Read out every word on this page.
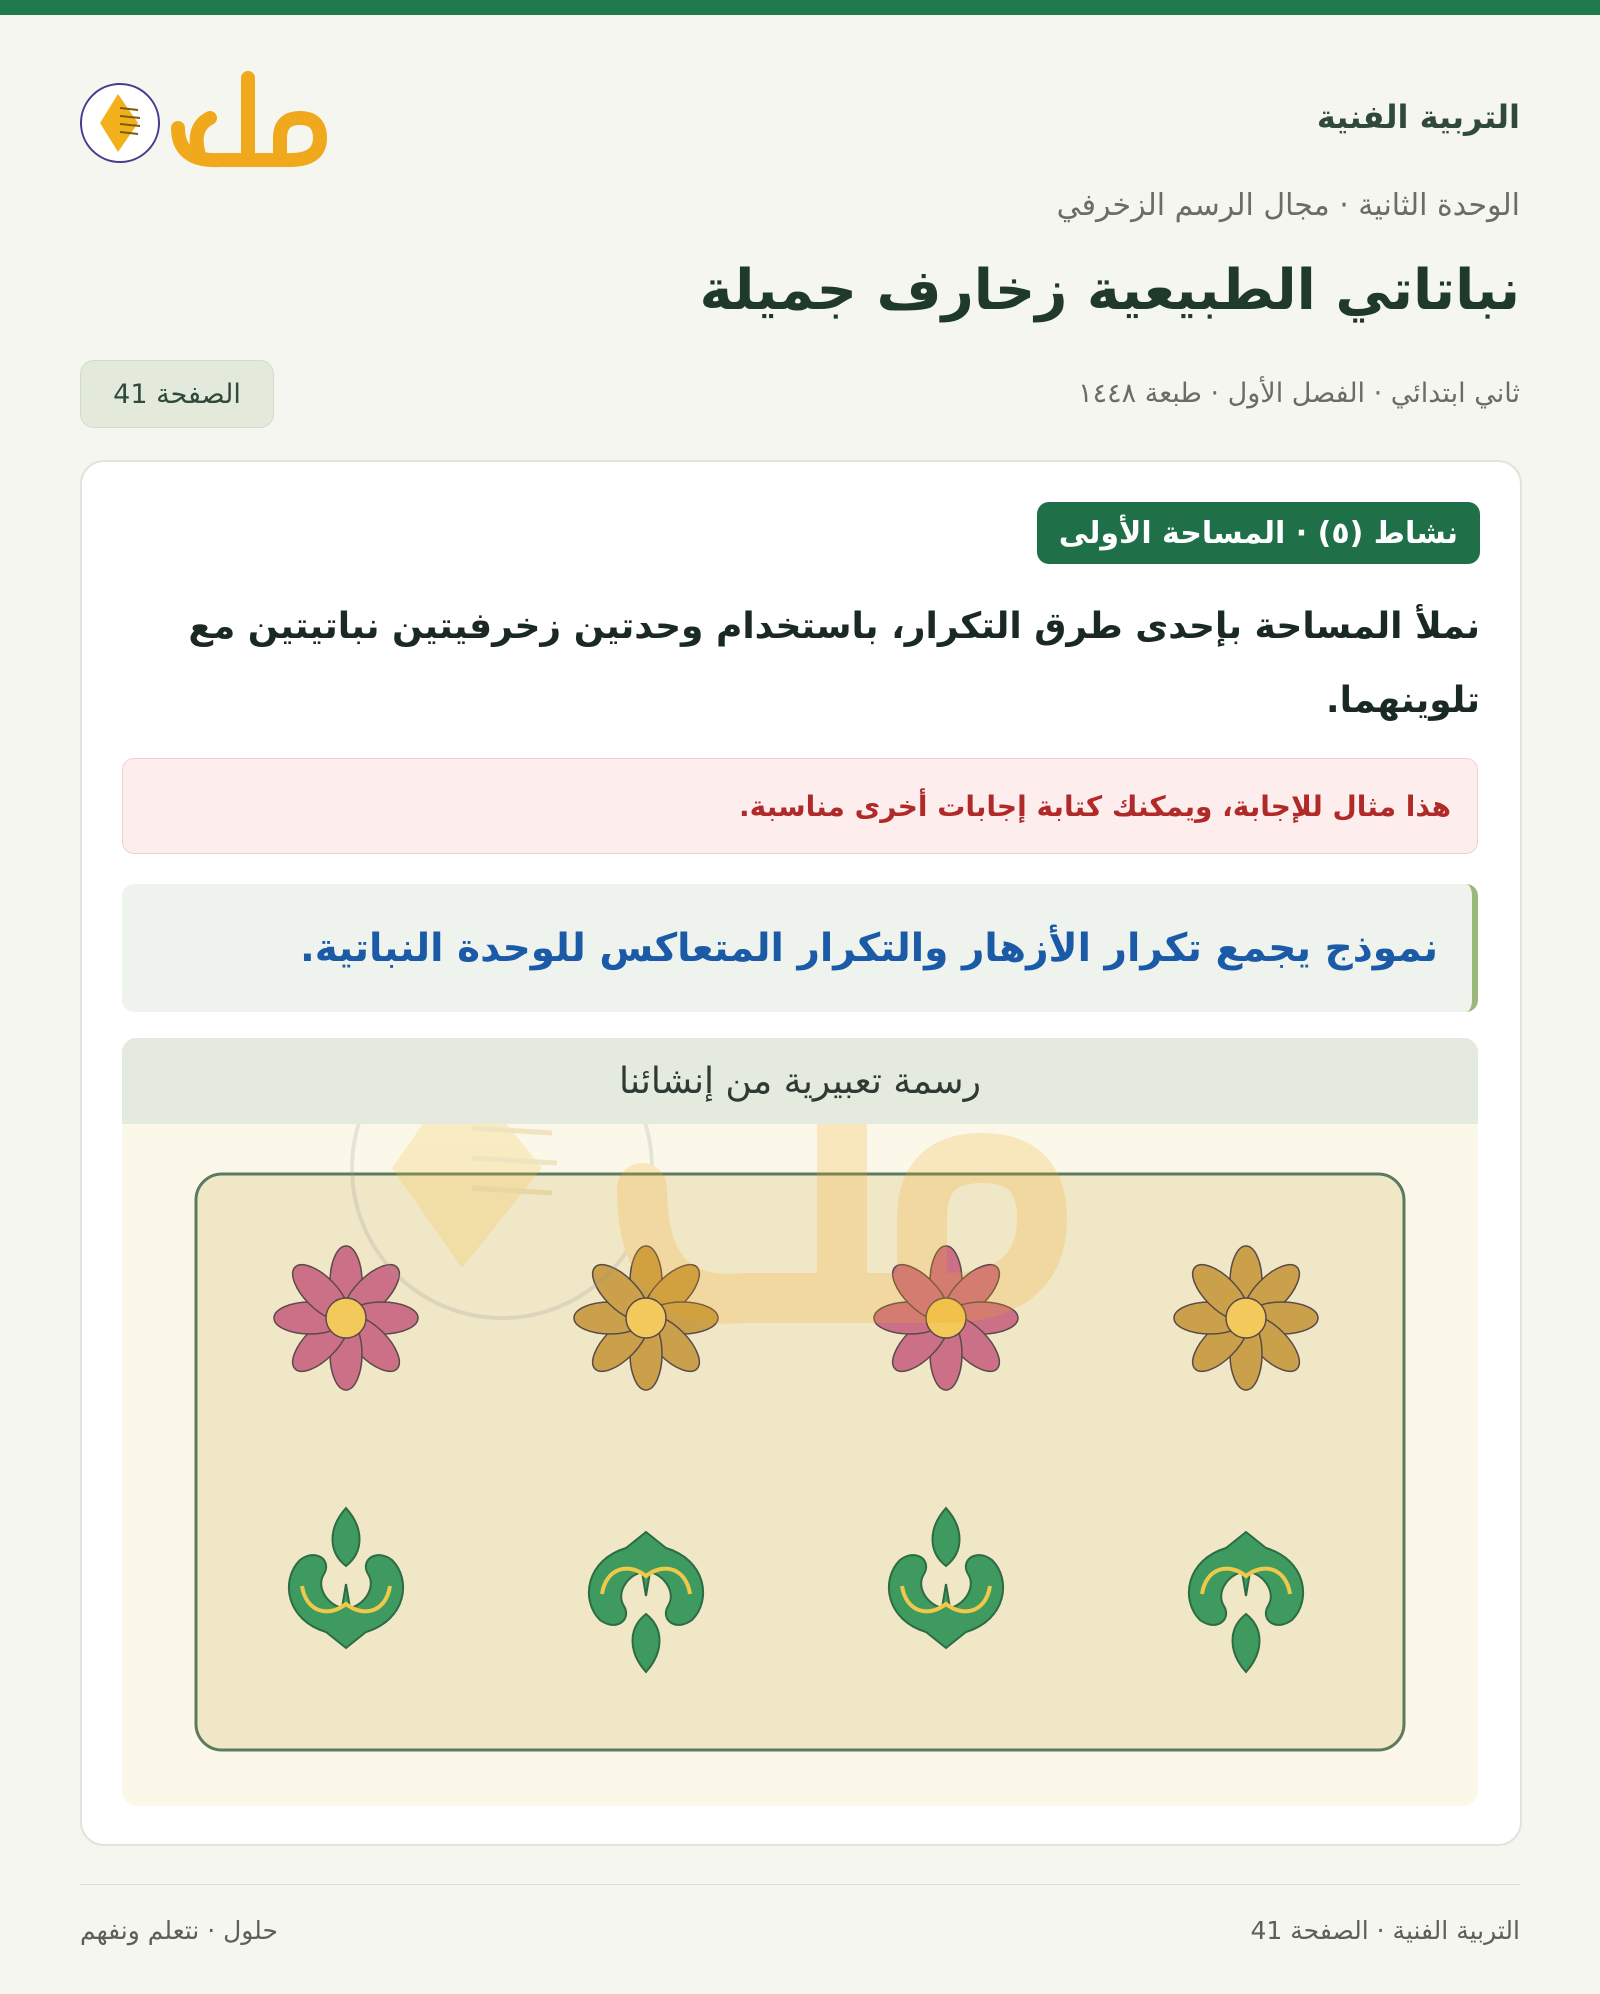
التربية الفنية
الوحدة الثانية · مجال الرسم الزخرفي
نباتاتي الطبيعية زخارف جميلة
ثاني ابتدائي · الفصل الأول · طبعة ١٤٤٨
الصفحة 41
نشاط (٥) · المساحة الأولى
نملأ المساحة بإحدى طرق التكرار، باستخدام وحدتين زخرفيتين نباتيتين مع تلوينهما.
هذا مثال للإجابة، ويمكنك كتابة إجابات أخرى مناسبة.
نموذج يجمع تكرار الأزهار والتكرار المتعاكس للوحدة النباتية.
رسمة تعبيرية من إنشائنا
التربية الفنية · الصفحة 41
حلول · نتعلم ونفهم
